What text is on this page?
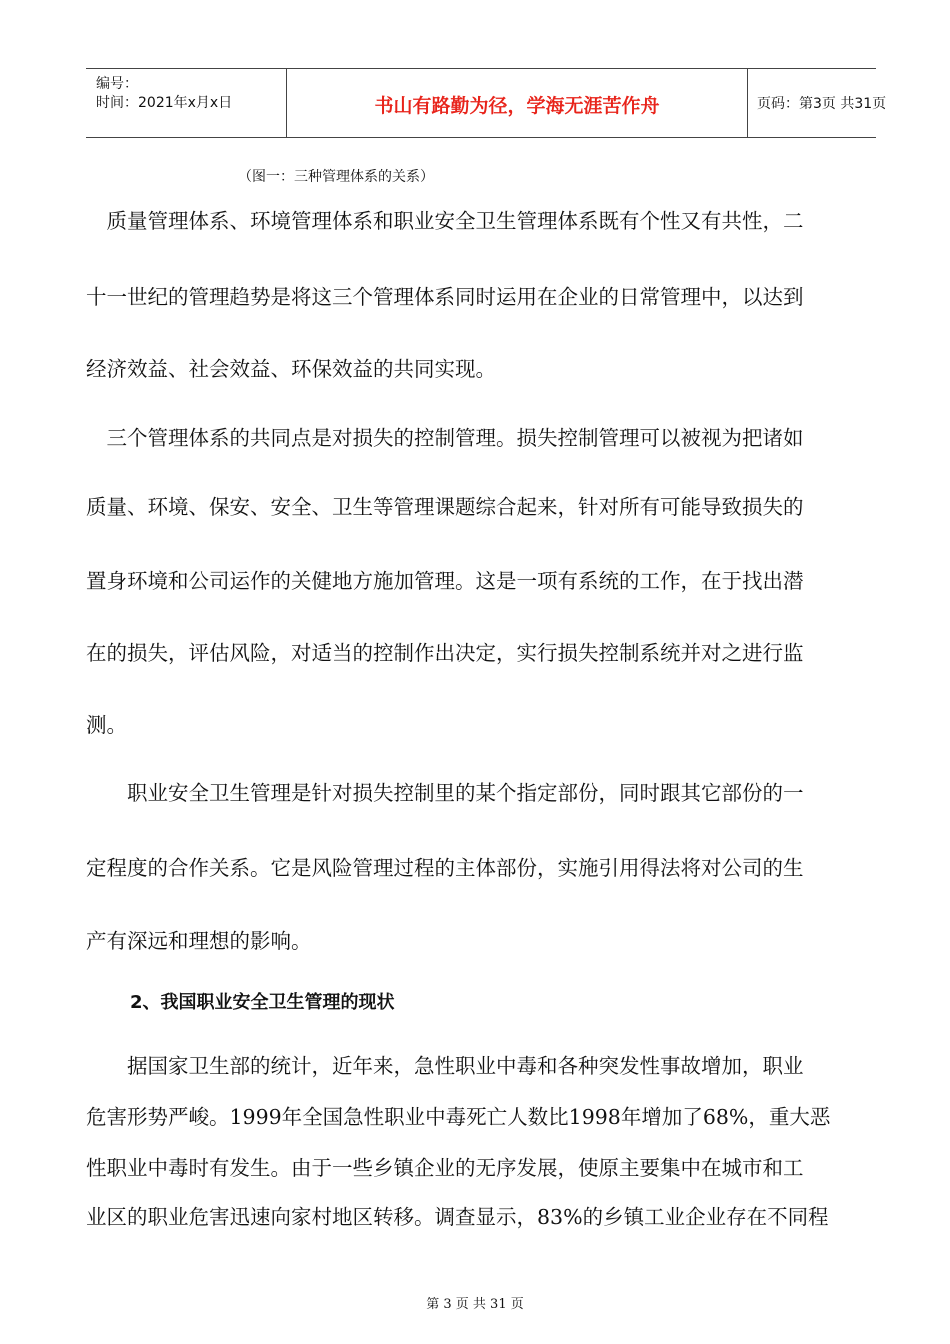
编号：
时间：2021年x月x日	书山有路勤为径，学海无涯苦作舟	页码：第3页 共31页
（图一：三种管理体系的关系）
　质量管理体系、环境管理体系和职业安全卫生管理体系既有个性又有共性，二
十一世纪的管理趋势是将这三个管理体系同时运用在企业的日常管理中，以达到
经济效益、社会效益、环保效益的共同实现。
　三个管理体系的共同点是对损失的控制管理。损失控制管理可以被视为把诸如
质量、环境、保安、安全、卫生等管理课题综合起来，针对所有可能导致损失的
置身环境和公司运作的关健地方施加管理。这是一项有系统的工作，在于找出潜
在的损失，评估风险，对适当的控制作出决定，实行损失控制系统并对之进行监
测。
　　职业安全卫生管理是针对损失控制里的某个指定部份，同时跟其它部份的一
定程度的合作关系。它是风险管理过程的主体部份，实施引用得法将对公司的生
产有深远和理想的影响。
2、我国职业安全卫生管理的现状
　　据国家卫生部的统计，近年来，急性职业中毒和各种突发性事故增加，职业
危害形势严峻。1999年全国急性职业中毒死亡人数比1998年增加了68%，重大恶
性职业中毒时有发生。由于一些乡镇企业的无序发展，使原主要集中在城市和工
业区的职业危害迅速向家村地区转移。调查显示，83%的乡镇工业企业存在不同程
第 3 页 共 31 页
